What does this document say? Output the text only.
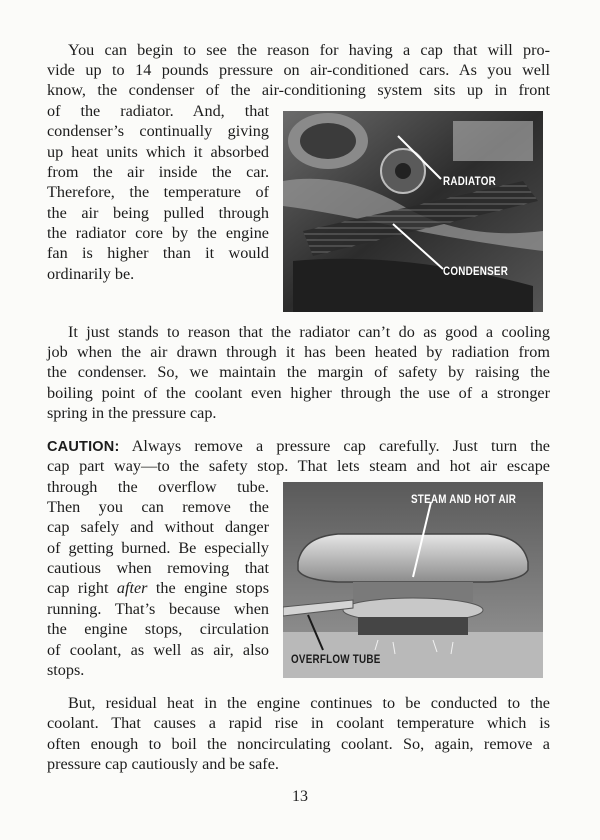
You can begin to see the reason for having a cap that will pro-

vide up to 14 pounds pressure on air-conditioned cars. As you well

know, the condenser of the air-conditioning system sits up in front

of the radiator. And, that

condenser’s continually giving

up heat units which it absorbed

from the air inside the car.

Therefore, the temperature of

the air being pulled through

the radiator core by the engine

fan is higher than it would

ordinarily be.

RADIATOR

CONDENSER

It just stands to reason that the radiator can’t do as good a cooling

job when the air drawn through it has been heated by radiation from

the condenser. So, we maintain the margin of safety by raising the

boiling point of the coolant even higher through the use of a stronger

spring in the pressure cap.

CAUTION: Always remove a pressure cap carefully. Just turn the

cap part way—to the safety stop. That lets steam and hot air escape

through the overflow tube.

Then you can remove the

cap safely and without danger

of getting burned. Be especially

cautious when removing that

cap right after the engine stops

running. That’s because when

the engine stops, circulation

of coolant, as well as air, also

stops.

STEAM AND HOT AIR

OVERFLOW TUBE

But, residual heat in the engine continues to be conducted to the

coolant. That causes a rapid rise in coolant temperature which is

often enough to boil the noncirculating coolant. So, again, remove a

pressure cap cautiously and be safe.

13
